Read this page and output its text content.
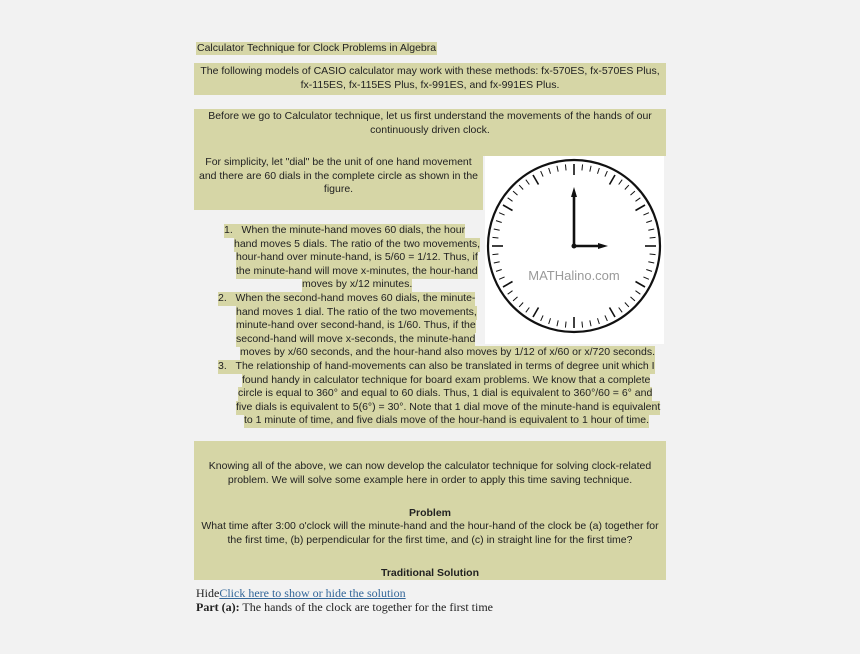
Calculator Technique for Clock Problems in Algebra
The following models of CASIO calculator may work with these methods: fx-570ES, fx-570ES Plus,
fx-115ES, fx-115ES Plus, fx-991ES, and fx-991ES Plus.
Before we go to Calculator technique, let us first understand the movements of the hands of our
continuously driven clock.
For simplicity, let "dial" be the unit of one hand movement
and there are 60 dials in the complete circle as shown in the
figure.
MATHalino.com
1. When the minute-hand moves 60 dials, the hour
hand moves 5 dials. The ratio of the two movements,
hour-hand over minute-hand, is 5/60 = 1/12. Thus, if
the minute-hand will move x-minutes, the hour-hand
moves by x/12 minutes.
2. When the second-hand moves 60 dials, the minute-
hand moves 1 dial. The ratio of the two movements,
minute-hand over second-hand, is 1/60. Thus, if the
second-hand will move x-seconds, the minute-hand
moves by x/60 seconds, and the hour-hand also moves by 1/12 of x/60 or x/720 seconds.
3. The relationship of hand-movements can also be translated in terms of degree unit which I
found handy in calculator technique for board exam problems. We know that a complete
circle is equal to 360° and equal to 60 dials. Thus, 1 dial is equivalent to 360°/60 = 6° and
five dials is equivalent to 5(6°) = 30°. Note that 1 dial move of the minute-hand is equivalent
to 1 minute of time, and five dials move of the hour-hand is equivalent to 1 hour of time.
Knowing all of the above, we can now develop the calculator technique for solving clock-related
problem. We will solve some example here in order to apply this time saving technique.
Problem
What time after 3:00 o'clock will the minute-hand and the hour-hand of the clock be (a) together for
the first time, (b) perpendicular for the first time, and (c) in straight line for the first time?
Traditional Solution
HideClick here to show or hide the solution
Part (a): The hands of the clock are together for the first time
